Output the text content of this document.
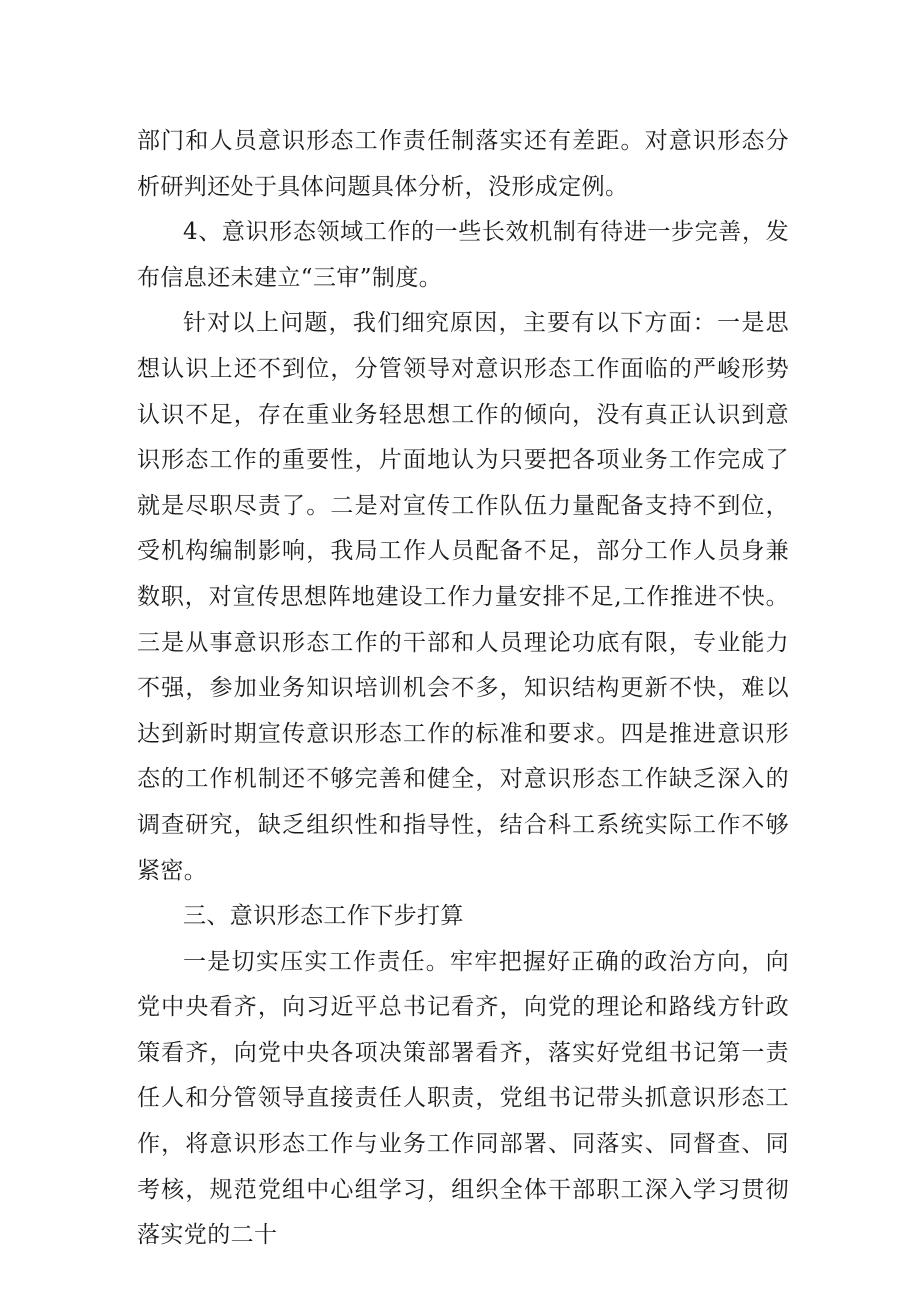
部门和人员意识形态工作责任制落实还有差距。对意识形态分析研判还处于具体问题具体分析，没形成定例。

4、意识形态领域工作的一些长效机制有待进一步完善，发布信息还未建立“三审”制度。

针对以上问题，我们细究原因，主要有以下方面：一是思想认识上还不到位，分管领导对意识形态工作面临的严峻形势认识不足，存在重业务轻思想工作的倾向，没有真正认识到意识形态工作的重要性，片面地认为只要把各项业务工作完成了就是尽职尽责了。二是对宣传工作队伍力量配备支持不到位，受机构编制影响，我局工作人员配备不足，部分工作人员身兼数职，对宣传思想阵地建设工作力量安排不足,工作推进不快。三是从事意识形态工作的干部和人员理论功底有限，专业能力不强，参加业务知识培训机会不多，知识结构更新不快，难以达到新时期宣传意识形态工作的标准和要求。四是推进意识形态的工作机制还不够完善和健全，对意识形态工作缺乏深入的调查研究，缺乏组织性和指导性，结合科工系统实际工作不够紧密。

三、意识形态工作下步打算

一是切实压实工作责任。牢牢把握好正确的政治方向，向党中央看齐，向习近平总书记看齐，向党的理论和路线方针政策看齐，向党中央各项决策部署看齐，落实好党组书记第一责任人和分管领导直接责任人职责，党组书记带头抓意识形态工作，将意识形态工作与业务工作同部署、同落实、同督查、同考核，规范党组中心组学习，组织全体干部职工深入学习贯彻落实党的二十
